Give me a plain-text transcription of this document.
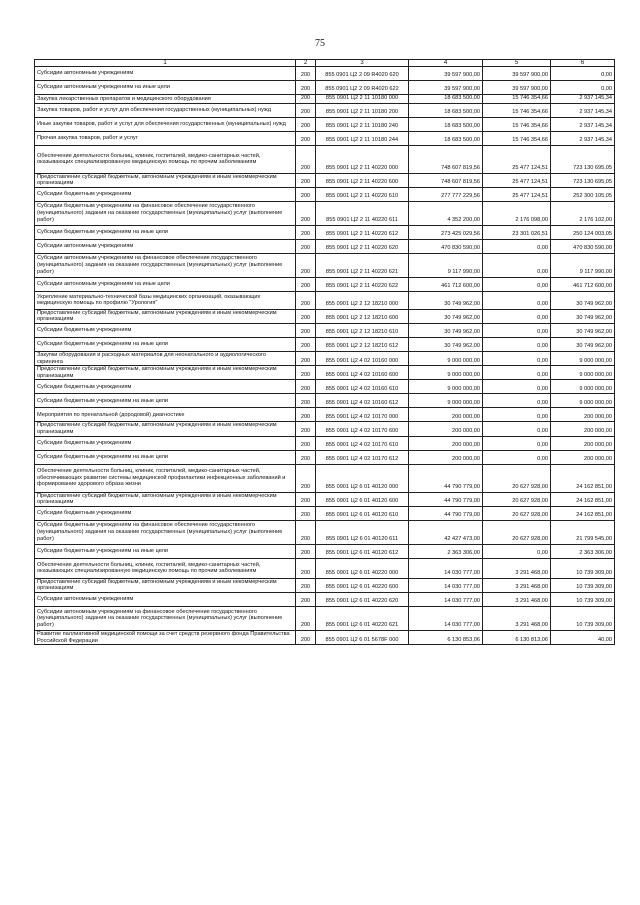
75
1	2	3	4	5	6
Субсидии автономным учреждениям	200	855 0901 Ц2 2 09 R4020 620	39 597 900,00	39 597 900,00	0,00
Субсидии автономным учреждениям на иные цели	200	855 0901 Ц2 2 09 R4020 622	39 597 900,00	39 597 900,00	0,00
Закупка лекарственных препаратов и медицинского оборудования	200	855 0901 Ц2 2 11 10180 000	18 683 500,00	15 746 354,66	2 937 145,34
Закупка товаров, работ и услуг для обеспечения государственных (муниципальных) нужд	200	855 0901 Ц2 2 11 10180 200	18 683 500,00	15 746 354,66	2 937 145,34
Иные закупки товаров, работ и услуг для обеспечения государственных (муниципальных) нужд	200	855 0901 Ц2 2 11 10180 240	18 683 500,00	15 746 354,66	2 937 145,34
Прочая закупка товаров, работ и услуг	200	855 0901 Ц2 2 11 10180 244	18 683 500,00	15 746 354,66	2 937 145,34
Обеспечение деятельности больниц, клиник, госпиталей, медико-санитарных частей, оказывающих специализированную медицинскую помощь по прочим заболеваниям	200	855 0901 Ц2 2 11 40220 000	748 607 819,56	25 477 124,51	723 130 695,05
Предоставление субсидий бюджетным, автономным учреждениям и иным некоммерческим организациям	200	855 0901 Ц2 2 11 40220 600	748 607 819,56	25 477 124,51	723 130 695,05
Субсидии бюджетным учреждениям	200	855 0901 Ц2 2 11 40220 610	277 777 229,56	25 477 124,51	252 300 105,05
Субсидии бюджетным учреждениям на финансовое обеспечение государственного (муниципального) задания на оказание государственных (муниципальных) услуг (выполнение работ)	200	855 0901 Ц2 2 11 40220 611	4 352 200,00	2 176 098,00	2 176 102,00
Субсидии бюджетным учреждениям на иные цели	200	855 0901 Ц2 2 11 40220 612	273 425 029,56	23 301 026,51	250 124 003,05
Субсидии автономным учреждениям	200	855 0901 Ц2 2 11 40220 620	470 830 590,00	0,00	470 830 590,00
Субсидии автономным учреждениям на финансовое обеспечение государственного (муниципального) задания на оказание государственных (муниципальных) услуг (выполнение работ)	200	855 0901 Ц2 2 11 40220 621	9 117 990,00	0,00	9 117 990,00
Субсидии автономным учреждениям на иные цели	200	855 0901 Ц2 2 11 40220 622	461 712 600,00	0,00	461 712 600,00
Укрепление материально-технической базы медицинских организаций, оказывающих медицинскую помощь по профилю "Урология"	200	855 0901 Ц2 2 12 18210 000	30 749 962,00	0,00	30 749 962,00
Предоставление субсидий бюджетным, автономным учреждениям и иным некоммерческим организациям	200	855 0901 Ц2 2 12 18210 600	30 749 962,00	0,00	30 749 962,00
Субсидии бюджетным учреждениям	200	855 0901 Ц2 2 12 18210 610	30 749 962,00	0,00	30 749 962,00
Субсидии бюджетным учреждениям на иные цели	200	855 0901 Ц2 2 12 18210 612	30 749 962,00	0,00	30 749 962,00
Закупки оборудования и расходных материалов для неонатального и аудиологического скрининга	200	855 0901 Ц2 4 02 10160 000	9 000 000,00	0,00	9 000 000,00
Предоставление субсидий бюджетным, автономным учреждениям и иным некоммерческим организациям	200	855 0901 Ц2 4 02 10160 600	9 000 000,00	0,00	9 000 000,00
Субсидии бюджетным учреждениям	200	855 0901 Ц2 4 02 10160 610	9 000 000,00	0,00	9 000 000,00
Субсидии бюджетным учреждениям на иные цели	200	855 0901 Ц2 4 02 10160 612	9 000 000,00	0,00	9 000 000,00
Мероприятия по пренатальной (дородовой) диагностике	200	855 0901 Ц2 4 02 10170 000	200 000,00	0,00	200 000,00
Предоставление субсидий бюджетным, автономным учреждениям и иным некоммерческим организациям	200	855 0901 Ц2 4 02 10170 600	200 000,00	0,00	200 000,00
Субсидии бюджетным учреждениям	200	855 0901 Ц2 4 02 10170 610	200 000,00	0,00	200 000,00
Субсидии бюджетным учреждениям на иные цели	200	855 0901 Ц2 4 02 10170 612	200 000,00	0,00	200 000,00
Обеспечение деятельности больниц, клиник, госпиталей, медико-санитарных частей, обеспечивающих развитие системы медицинской профилактики инфекционных заболеваний и формирование здорового образа жизни	200	855 0901 Ц2 6 01 40120 000	44 790 779,00	20 627 928,00	24 162 851,00
Предоставление субсидий бюджетным, автономным учреждениям и иным некоммерческим организациям	200	855 0901 Ц2 6 01 40120 600	44 790 779,00	20 627 928,00	24 162 851,00
Субсидии бюджетным учреждениям	200	855 0901 Ц2 6 01 40120 610	44 790 779,00	20 627 928,00	24 162 851,00
Субсидии бюджетным учреждениям на финансовое обеспечение государственного (муниципального) задания на оказание государственных (муниципальных) услуг (выполнение работ)	200	855 0901 Ц2 6 01 40120 611	42 427 473,00	20 627 928,00	21 799 545,00
Субсидии бюджетным учреждениям на иные цели	200	855 0901 Ц2 6 01 40120 612	2 363 306,00	0,00	2 363 306,00
Обеспечение деятельности больниц, клиник, госпиталей, медико-санитарных частей, оказывающих специализированную медицинскую помощь по прочим заболеваниям	200	855 0901 Ц2 6 01 40220 000	14 030 777,00	3 291 468,00	10 739 309,00
Предоставление субсидий бюджетным, автономным учреждениям и иным некоммерческим организациям	200	855 0901 Ц2 6 01 40220 600	14 030 777,00	3 291 468,00	10 739 309,00
Субсидии автономным учреждениям	200	855 0901 Ц2 6 01 40220 620	14 030 777,00	3 291 468,00	10 739 309,00
Субсидии автономным учреждениям на финансовое обеспечение государственного (муниципального) задания на оказание государственных (муниципальных) услуг (выполнение работ)	200	855 0901 Ц2 6 01 40220 621	14 030 777,00	3 291 468,00	10 739 309,00
Развитие паллиативной медицинской помощи за счет средств резервного фонда Правительства Российской Федерации	200	855 0901 Ц2 6 01 5678F 000	6 130 853,06	6 130 813,06	40,00
